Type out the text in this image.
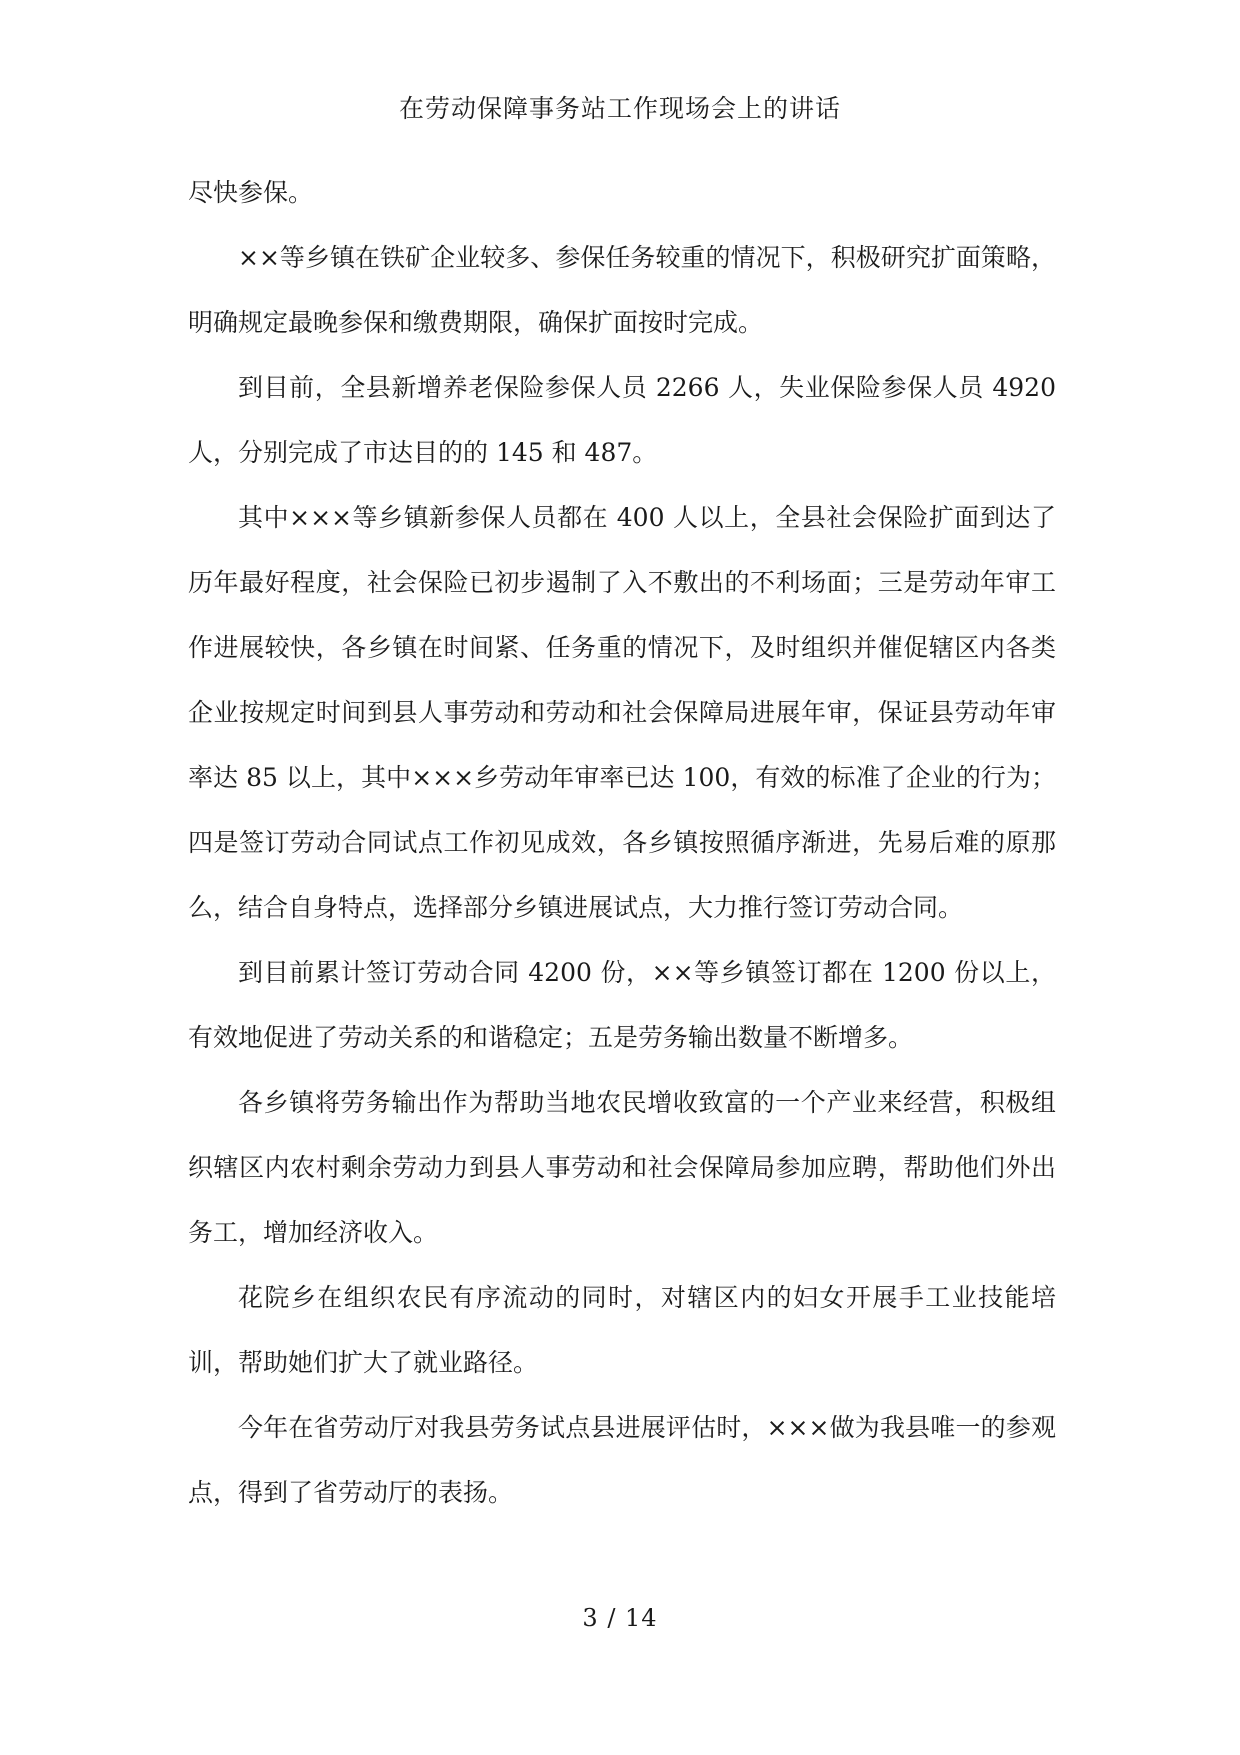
在劳动保障事务站工作现场会上的讲话

尽快参保。

××等乡镇在铁矿企业较多、参保任务较重的情况下，积极研究扩面策略，明确规定最晚参保和缴费期限，确保扩面按时完成。

到目前，全县新增养老保险参保人员 2266 人，失业保险参保人员 4920 人，分别完成了市达目的的 145 和 487。

其中×××等乡镇新参保人员都在 400 人以上，全县社会保险扩面到达了历年最好程度，社会保险已初步遏制了入不敷出的不利场面；三是劳动年审工作进展较快，各乡镇在时间紧、任务重的情况下，及时组织并催促辖区内各类企业按规定时间到县人事劳动和劳动和社会保障局进展年审，保证县劳动年审率达 85 以上，其中×××乡劳动年审率已达 100，有效的标准了企业的行为；四是签订劳动合同试点工作初见成效，各乡镇按照循序渐进，先易后难的原那么，结合自身特点，选择部分乡镇进展试点，大力推行签订劳动合同。

到目前累计签订劳动合同 4200 份，××等乡镇签订都在 1200 份以上，有效地促进了劳动关系的和谐稳定；五是劳务输出数量不断增多。

各乡镇将劳务输出作为帮助当地农民增收致富的一个产业来经营，积极组织辖区内农村剩余劳动力到县人事劳动和社会保障局参加应聘，帮助他们外出务工，增加经济收入。

花院乡在组织农民有序流动的同时，对辖区内的妇女开展手工业技能培训，帮助她们扩大了就业路径。

今年在省劳动厅对我县劳务试点县进展评估时，×××做为我县唯一的参观点，得到了省劳动厅的表扬。

3 / 14
